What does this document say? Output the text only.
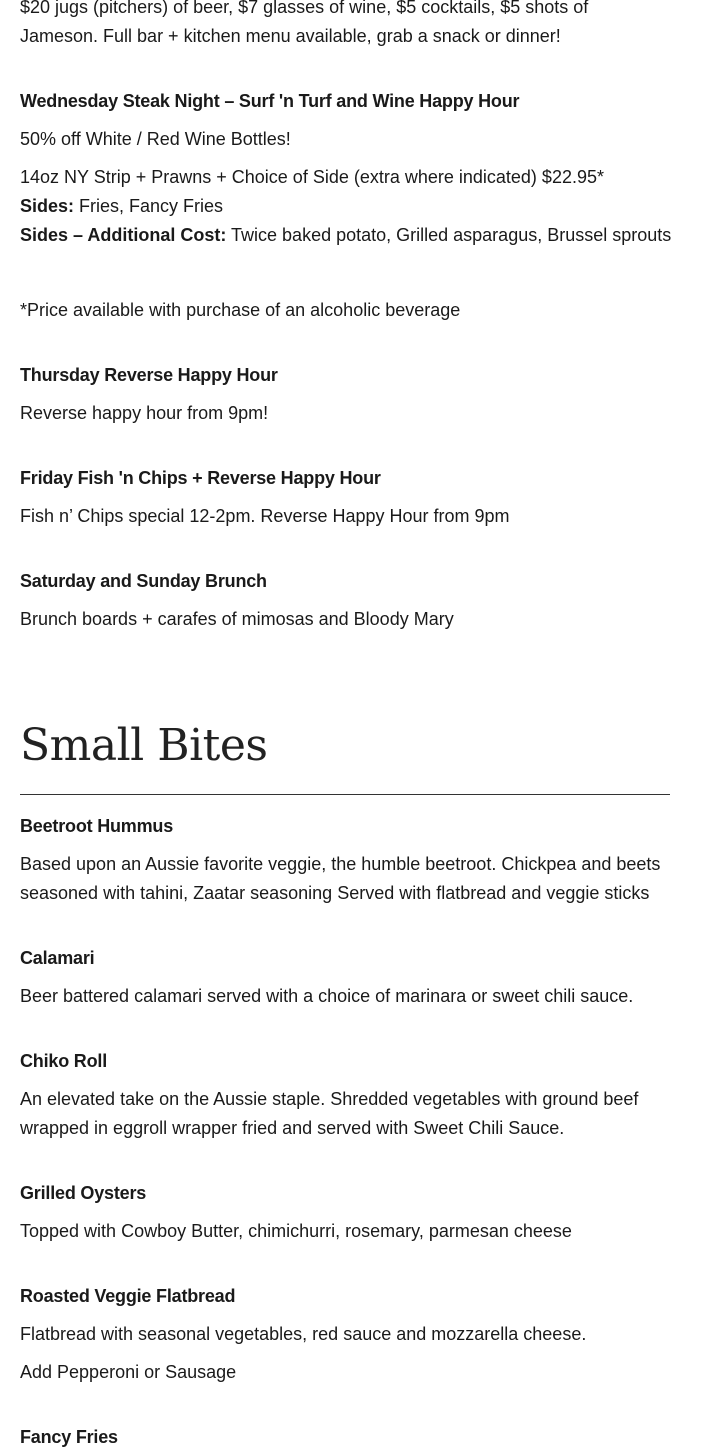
$20 jugs (pitchers) of beer, $7 glasses of wine, $5 cocktails, $5 shots of

Jameson. Full bar + kitchen menu available, grab a snack or dinner!

Wednesday Steak Night – Surf 'n Turf and Wine Happy Hour

50% off White / Red Wine Bottles!

14oz NY Strip + Prawns + Choice of Side (extra where indicated) $22.95*

Sides: Fries, Fancy Fries

Sides – Additional Cost: Twice baked potato, Grilled asparagus, Brussel sprouts

*Price available with purchase of an alcoholic beverage

Thursday Reverse Happy Hour

Reverse happy hour from 9pm!

Friday Fish 'n Chips + Reverse Happy Hour

Fish n’ Chips special 12-2pm. Reverse Happy Hour from 9pm

Saturday and Sunday Brunch

Brunch boards + carafes of mimosas and Bloody Mary

Small Bites

Beetroot Hummus

Based upon an Aussie favorite veggie, the humble beetroot. Chickpea and beets

seasoned with tahini, Zaatar seasoning Served with flatbread and veggie sticks

Calamari

Beer battered calamari served with a choice of marinara or sweet chili sauce.

Chiko Roll

An elevated take on the Aussie staple. Shredded vegetables with ground beef

wrapped in eggroll wrapper fried and served with Sweet Chili Sauce.

Grilled Oysters

Topped with Cowboy Butter, chimichurri, rosemary, parmesan cheese

Roasted Veggie Flatbread

Flatbread with seasonal vegetables, red sauce and mozzarella cheese.

Add Pepperoni or Sausage

Fancy Fries
